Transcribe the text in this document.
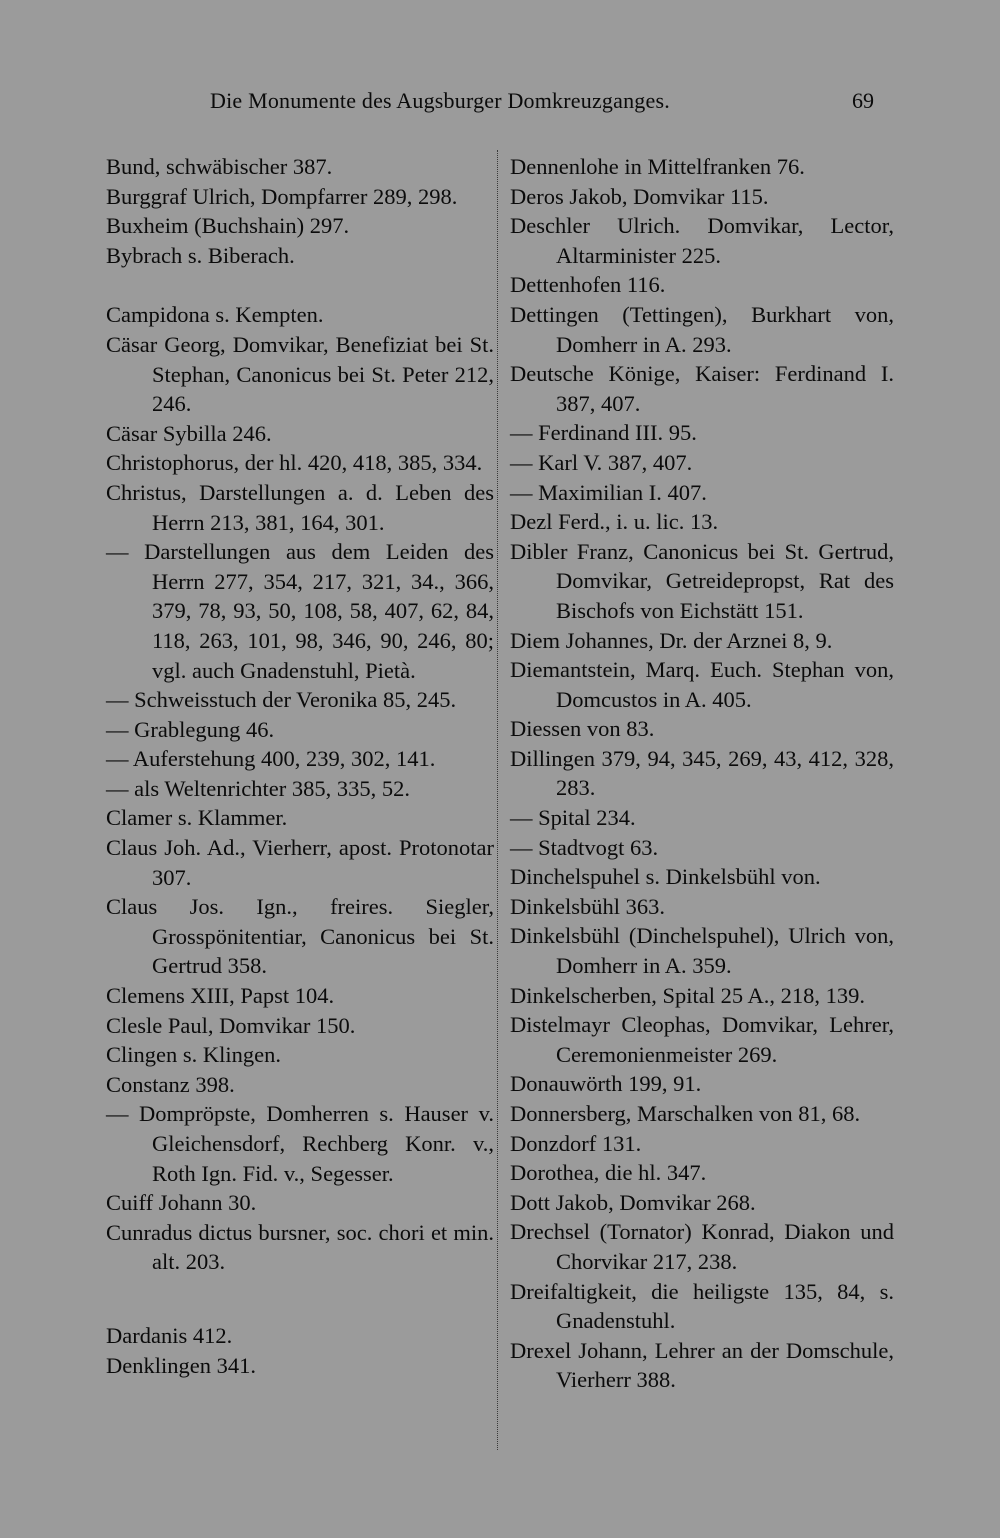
Die Monumente des Augsburger Domkreuzganges.	69
Bund, schwäbischer 387.
Burggraf Ulrich, Dompfarrer 289, 298.
Buxheim (Buchshain) 297.
Bybrach s. Biberach.
Campidona s. Kempten.
Cäsar Georg, Domvikar, Benefiziat bei St. Stephan, Canonicus bei St. Peter 212, 246.
Cäsar Sybilla 246.
Christophorus, der hl. 420, 418, 385, 334.
Christus, Darstellungen a. d. Leben des Herrn 213, 381, 164, 301.
— Darstellungen aus dem Leiden des Herrn 277, 354, 217, 321, 34., 366, 379, 78, 93, 50, 108, 58, 407, 62, 84, 118, 263, 101, 98, 346, 90, 246, 80; vgl. auch Gnadenstuhl, Pietà.
— Schweisstuch der Veronika 85, 245.
— Grablegung 46.
— Auferstehung 400, 239, 302, 141.
— als Weltenrichter 385, 335, 52.
Clamer s. Klammer.
Claus Joh. Ad., Vierherr, apost. Protonotar 307.
Claus Jos. Ign., freires. Siegler, Grosspönitentiar, Canonicus bei St. Gertrud 358.
Clemens XIII, Papst 104.
Clesle Paul, Domvikar 150.
Clingen s. Klingen.
Constanz 398.
— Dompröpste, Domherren s. Hauser v. Gleichensdorf, Rechberg Konr. v., Roth Ign. Fid. v., Segesser.
Cuiff Johann 30.
Cunradus dictus bursner, soc. chori et min. alt. 203.
Dardanis 412.
Denklingen 341.
Dennenlohe in Mittelfranken 76.
Deros Jakob, Domvikar 115.
Deschler Ulrich. Domvikar, Lector, Altarminister 225.
Dettenhofen 116.
Dettingen (Tettingen), Burkhart von, Domherr in A. 293.
Deutsche Könige, Kaiser: Ferdinand I. 387, 407.
— Ferdinand III. 95.
— Karl V. 387, 407.
— Maximilian I. 407.
Dezl Ferd., i. u. lic. 13.
Dibler Franz, Canonicus bei St. Gertrud, Domvikar, Getreidepropst, Rat des Bischofs von Eichstätt 151.
Diem Johannes, Dr. der Arznei 8, 9.
Diemantstein, Marq. Euch. Stephan von, Domcustos in A. 405.
Diessen von 83.
Dillingen 379, 94, 345, 269, 43, 412, 328, 283.
— Spital 234.
— Stadtvogt 63.
Dinchelspuhel s. Dinkelsbühl von.
Dinkelsbühl 363.
Dinkelsbühl (Dinchelspuhel), Ulrich von, Domherr in A. 359.
Dinkelscherben, Spital 25 A., 218, 139.
Distelmayr Cleophas, Domvikar, Lehrer, Ceremonienmeister 269.
Donauwörth 199, 91.
Donnersberg, Marschalken von 81, 68.
Donzdorf 131.
Dorothea, die hl. 347.
Dott Jakob, Domvikar 268.
Drechsel (Tornator) Konrad, Diakon und Chorvikar 217, 238.
Dreifaltigkeit, die heiligste 135, 84, s. Gnadenstuhl.
Drexel Johann, Lehrer an der Domschule, Vierherr 388.
